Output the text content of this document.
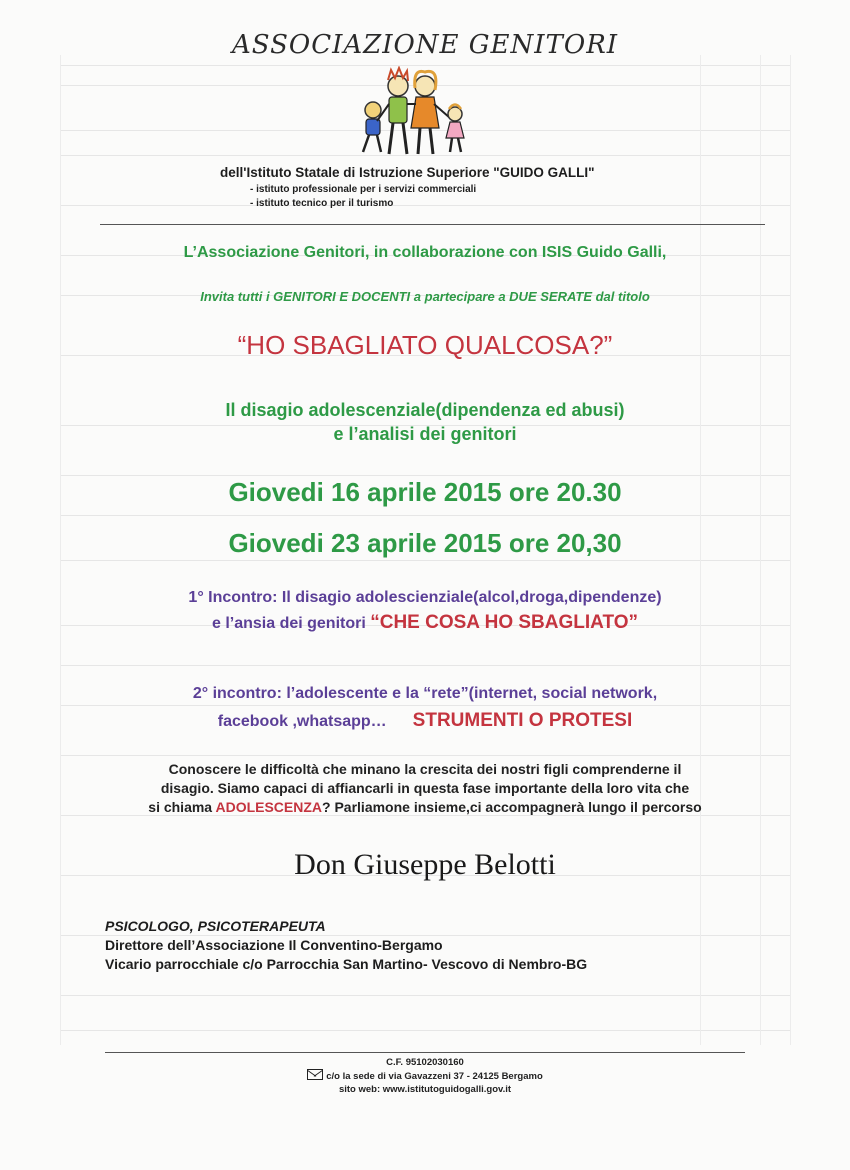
ASSOCIAZIONE GENITORI
dell'Istituto Statale di Istruzione Superiore "GUIDO GALLI"
- istituto professionale per i servizi commerciali
- istituto tecnico per il turismo
L’Associazione Genitori, in collaborazione con ISIS Guido Galli,
Invita tutti i GENITORI E DOCENTI a partecipare a DUE SERATE dal titolo
“HO SBAGLIATO QUALCOSA?”
Il disagio adolescenziale(dipendenza ed abusi)
e l’analisi dei genitori
Giovedi 16 aprile 2015 ore 20.30
Giovedi 23 aprile 2015 ore 20,30
1° Incontro: Il disagio adolescienziale(alcol,droga,dipendenze)
e l’ansia dei genitori “CHE COSA HO SBAGLIATO”
2° incontro: l’adolescente e la “rete”(internet, social network,
facebook ,whatsapp… STRUMENTI O PROTESI
Conoscere le difficoltà che minano la crescita dei nostri figli comprenderne il
disagio. Siamo capaci di affiancarli in questa fase importante della loro vita che
si chiama ADOLESCENZA? Parliamone insieme,ci accompagnerà lungo il percorso
Don Giuseppe Belotti
PSICOLOGO, PSICOTERAPEUTA
Direttore dell’Associazione Il Conventino-Bergamo
Vicario parrocchiale c/o Parrocchia San Martino- Vescovo di Nembro-BG
C.F. 95102030160
c/o la sede di via Gavazzeni 37 - 24125 Bergamo
sito web: www.istitutoguidogalli.gov.it
